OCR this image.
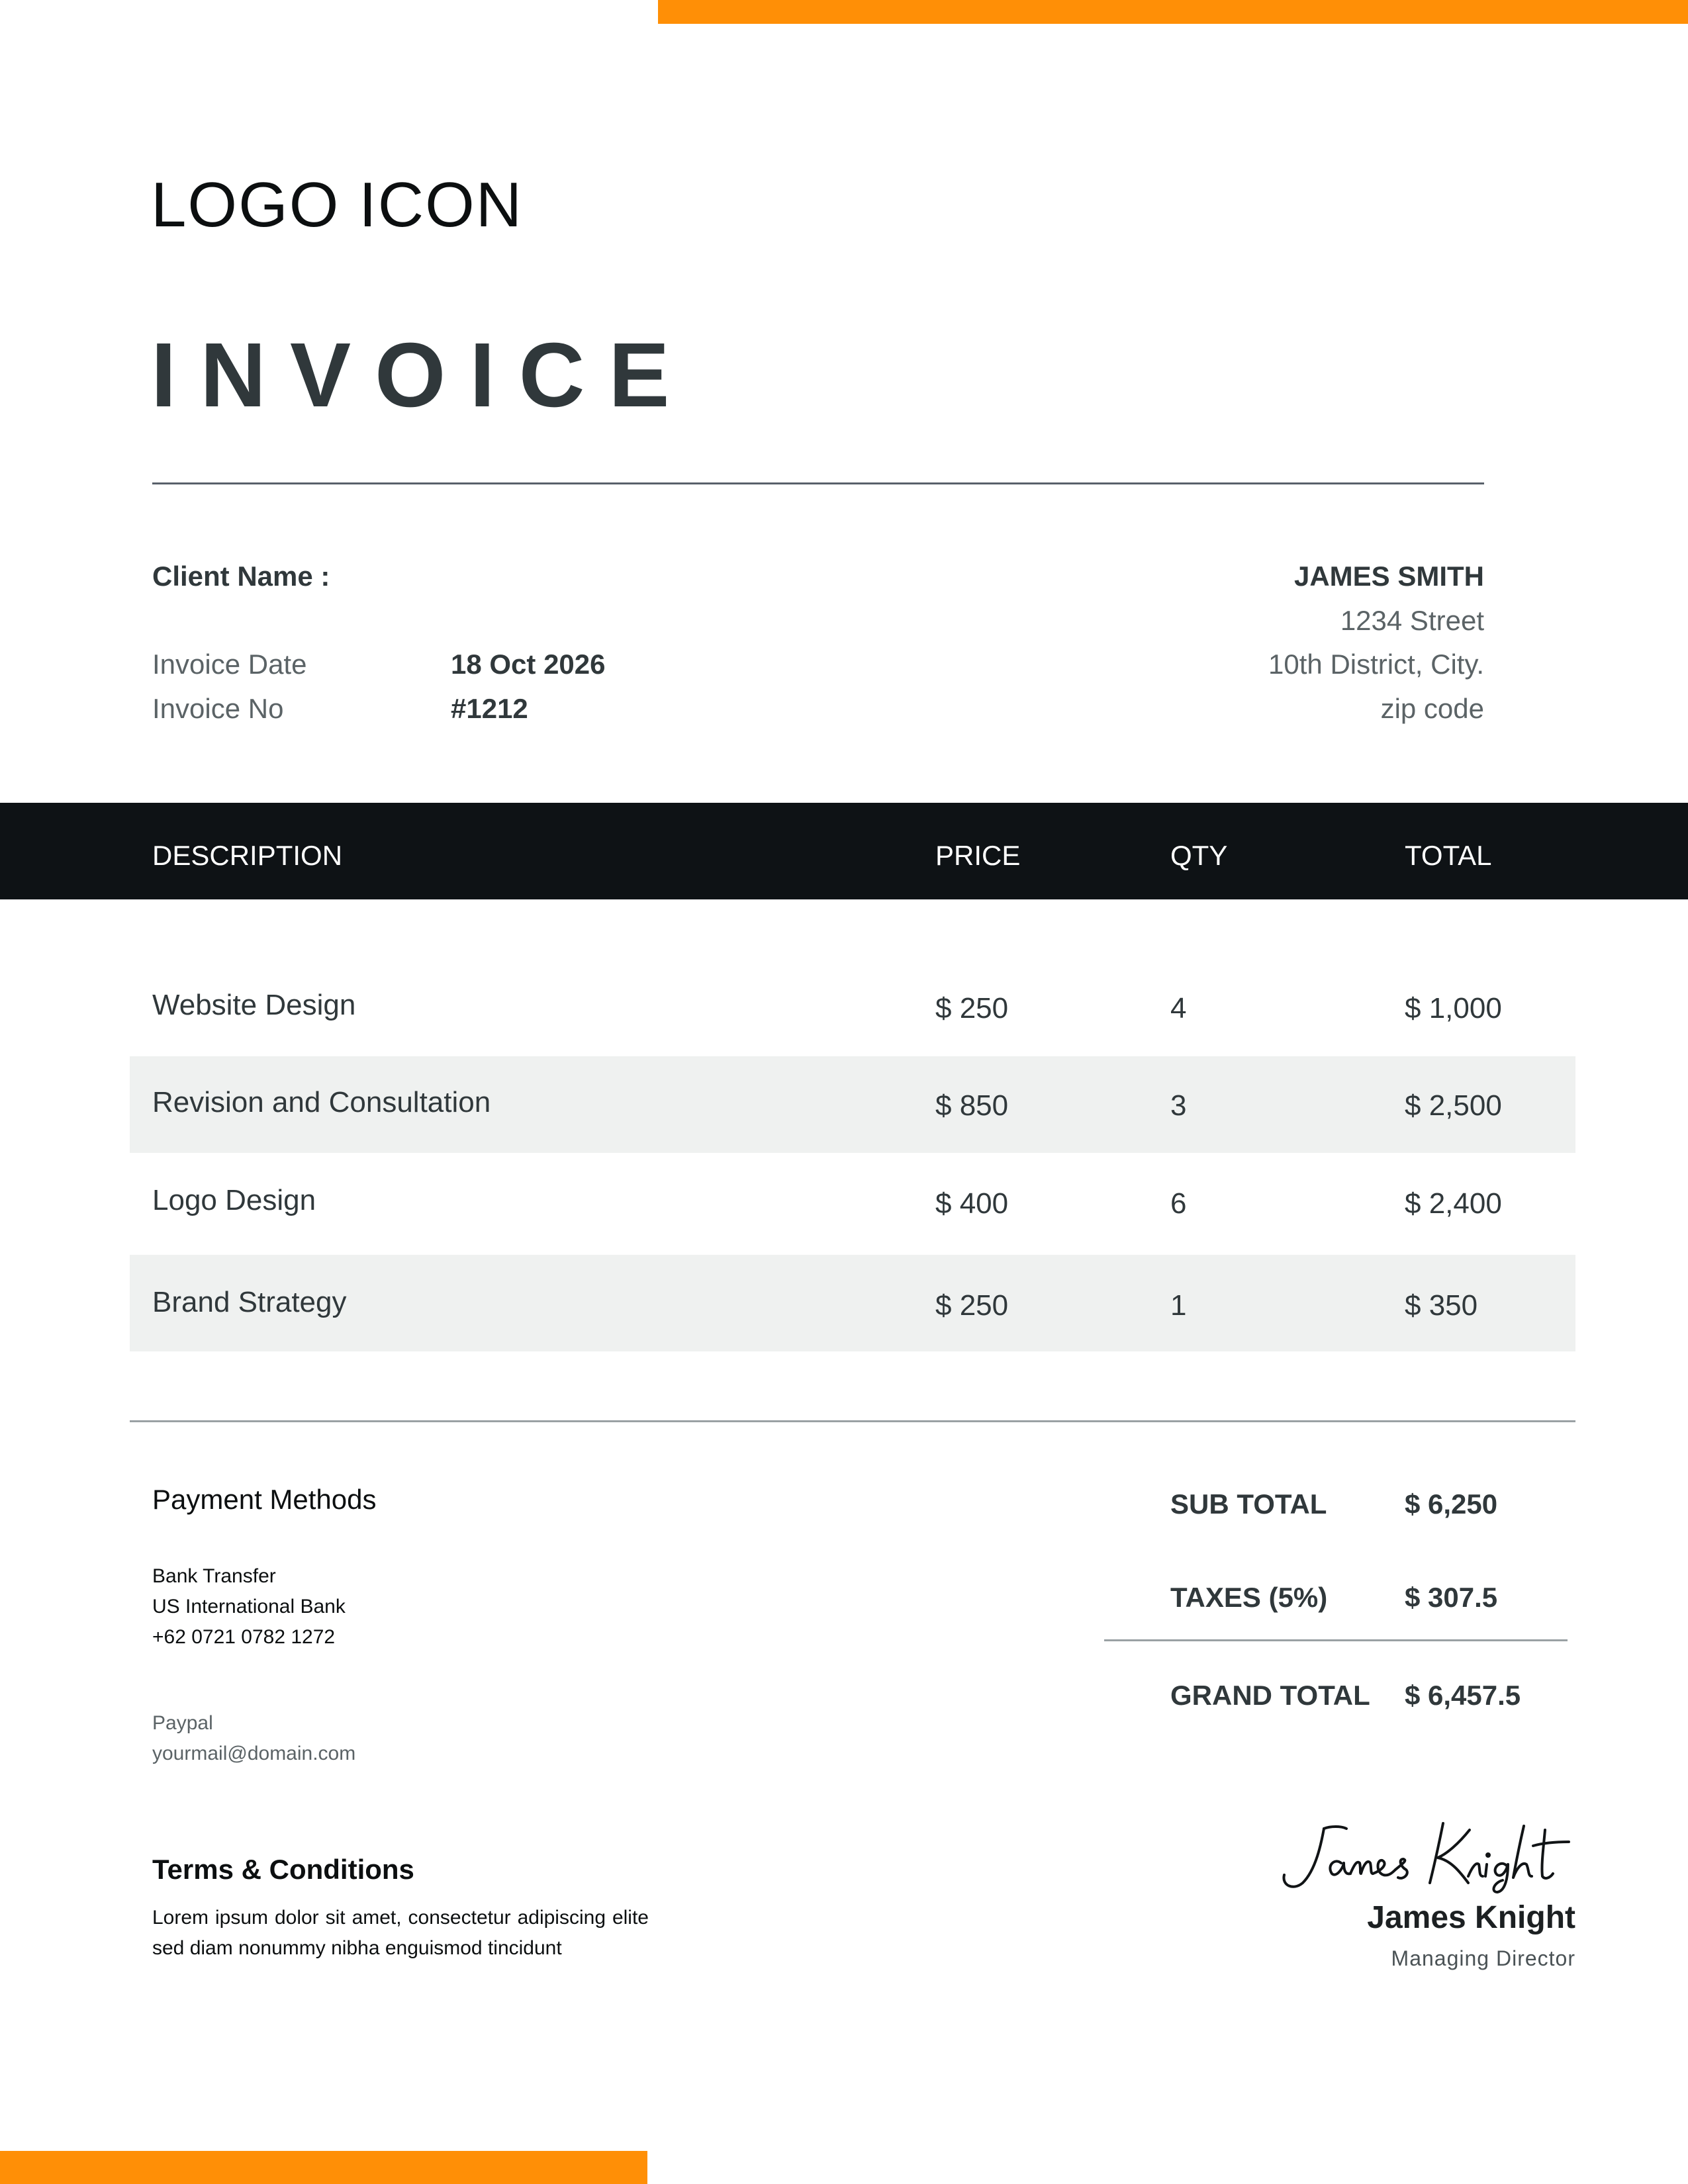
LOGO ICON
INVOICE
Client Name :
Invoice Date	18 Oct 2026
Invoice No	#1212
JAMES SMITH
1234 Street
10th District, City.
zip code
DESCRIPTION	PRICE	QTY	TOTAL
Website Design	$ 250	4	$ 1,000
Revision and Consultation	$ 850	3	$ 2,500
Logo Design	$ 400	6	$ 2,400
Brand Strategy	$ 250	1	$ 350
Payment Methods
Bank Transfer
US International Bank
+62 0721 0782 1272
Paypal
yourmail@domain.com
SUB TOTAL	$ 6,250
TAXES (5%)	$ 307.5
GRAND TOTAL $ 6,457.5
Terms & Conditions
Lorem ipsum dolor sit amet, consectetur adipiscing elite sed diam nonummy nibha enguismod tincidunt
James Knight
Managing Director
